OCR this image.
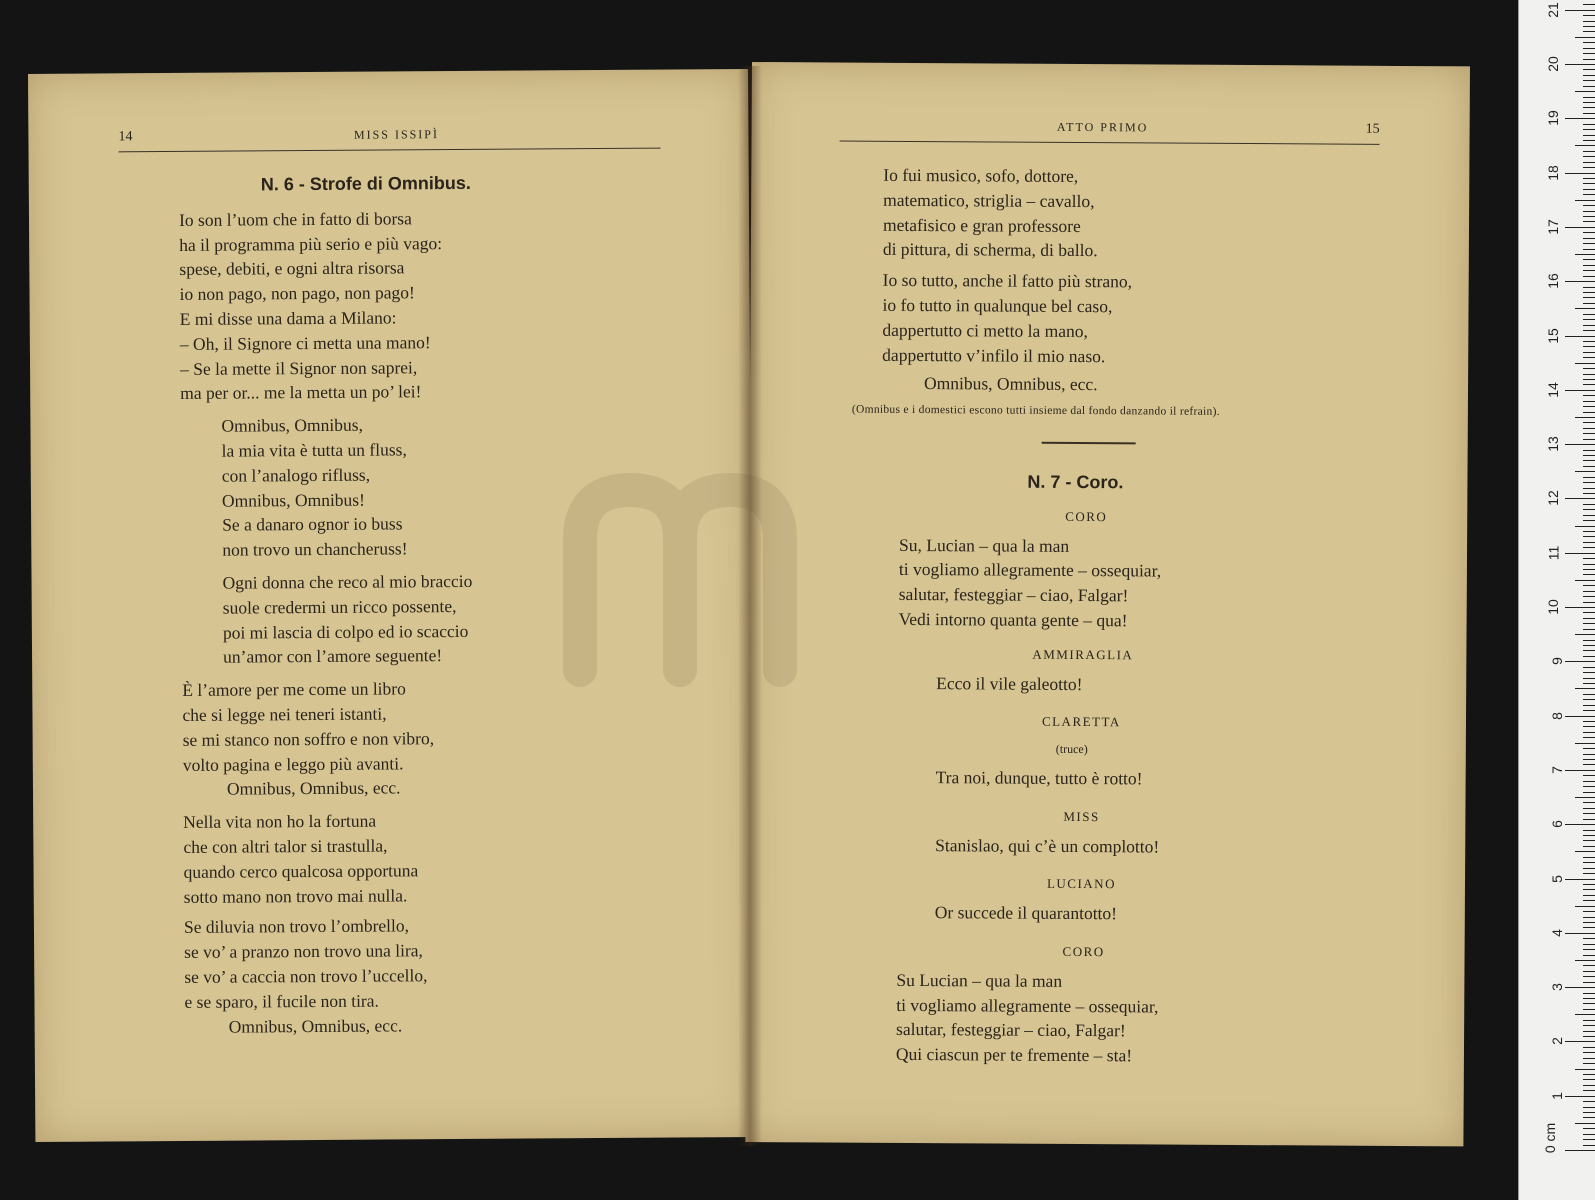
14	MISS ISSIPÌ
N. 6 - Strofe di Omnibus.
Io son l’uom che in fatto di borsa
ha il programma più serio e più vago:
spese, debiti, e ogni altra risorsa
io non pago, non pago, non pago!
E mi disse una dama a Milano:
– Oh, il Signore ci metta una mano!
– Se la mette il Signor non saprei,
ma per or... me la metta un po’ lei!
Omnibus, Omnibus,
la mia vita è tutta un fluss,
con l’analogo rifluss,
Omnibus, Omnibus!
Se a danaro ognor io buss
non trovo un chancheruss!
Ogni donna che reco al mio braccio
suole credermi un ricco possente,
poi mi lascia di colpo ed io scaccio
un’amor con l’amore seguente!
È l’amore per me come un libro
che si legge nei teneri istanti,
se mi stanco non soffro e non vibro,
volto pagina e leggo più avanti.
Omnibus, Omnibus, ecc.
Nella vita non ho la fortuna
che con altri talor si trastulla,
quando cerco qualcosa opportuna
sotto mano non trovo mai nulla.
Se diluvia non trovo l’ombrello,
se vo’ a pranzo non trovo una lira,
se vo’ a caccia non trovo l’uccello,
e se sparo, il fucile non tira.
Omnibus, Omnibus, ecc.
ATTO PRIMO	15
Io fui musico, sofo, dottore,
matematico, striglia – cavallo,
metafisico e gran professore
di pittura, di scherma, di ballo.
Io so tutto, anche il fatto più strano,
io fo tutto in qualunque bel caso,
dappertutto ci metto la mano,
dappertutto v’infilo il mio naso.
Omnibus, Omnibus, ecc.
(Omnibus e i domestici escono tutti insieme dal fondo danzando il refrain).
N. 7 - Coro.
CORO
Su, Lucian – qua la man
ti vogliamo allegramente – ossequiar,
salutar, festeggiar – ciao, Falgar!
Vedi intorno quanta gente – qua!
AMMIRAGLIA
Ecco il vile galeotto!
CLARETTA
(truce)
Tra noi, dunque, tutto è rotto!
MISS
Stanislao, qui c’è un complotto!
LUCIANO
Or succede il quarantotto!
CORO
Su Lucian – qua la man
ti vogliamo allegramente – ossequiar,
salutar, festeggiar – ciao, Falgar!
Qui ciascun per te fremente – sta!
0 cm
1
2
3
4
5
6
7
8
9
10
11
12
13
14
15
16
17
18
19
20
21
